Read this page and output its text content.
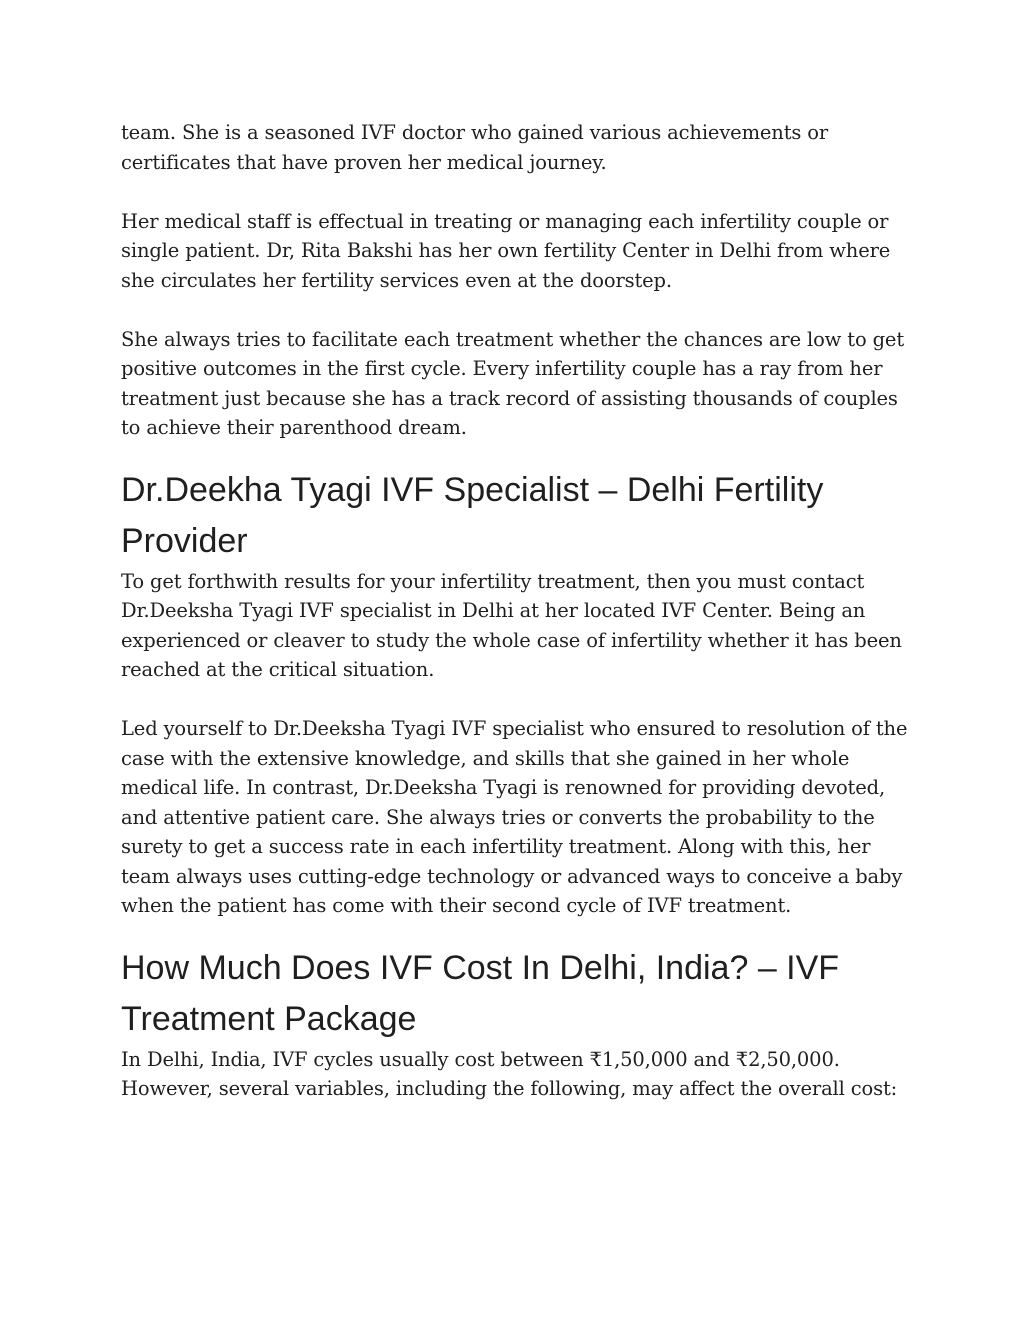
team. She is a seasoned IVF doctor who gained various achievements or certificates that have proven her medical journey.

Her medical staff is effectual in treating or managing each infertility couple or single patient. Dr, Rita Bakshi has her own fertility Center in Delhi from where she circulates her fertility services even at the doorstep.

She always tries to facilitate each treatment whether the chances are low to get positive outcomes in the first cycle. Every infertility couple has a ray from her treatment just because she has a track record of assisting thousands of couples to achieve their parenthood dream.

Dr.Deekha Tyagi IVF Specialist – Delhi Fertility Provider

To get forthwith results for your infertility treatment, then you must contact Dr.Deeksha Tyagi IVF specialist in Delhi at her located IVF Center. Being an experienced or cleaver to study the whole case of infertility whether it has been reached at the critical situation.

Led yourself to Dr.Deeksha Tyagi IVF specialist who ensured to resolution of the case with the extensive knowledge, and skills that she gained in her whole medical life. In contrast, Dr.Deeksha Tyagi is renowned for providing devoted, and attentive patient care. She always tries or converts the probability to the surety to get a success rate in each infertility treatment. Along with this, her team always uses cutting-edge technology or advanced ways to conceive a baby when the patient has come with their second cycle of IVF treatment.

How Much Does IVF Cost In Delhi, India? – IVF Treatment Package

In Delhi, India, IVF cycles usually cost between ₹1,50,000 and ₹2,50,000. However, several variables, including the following, may affect the overall cost:
